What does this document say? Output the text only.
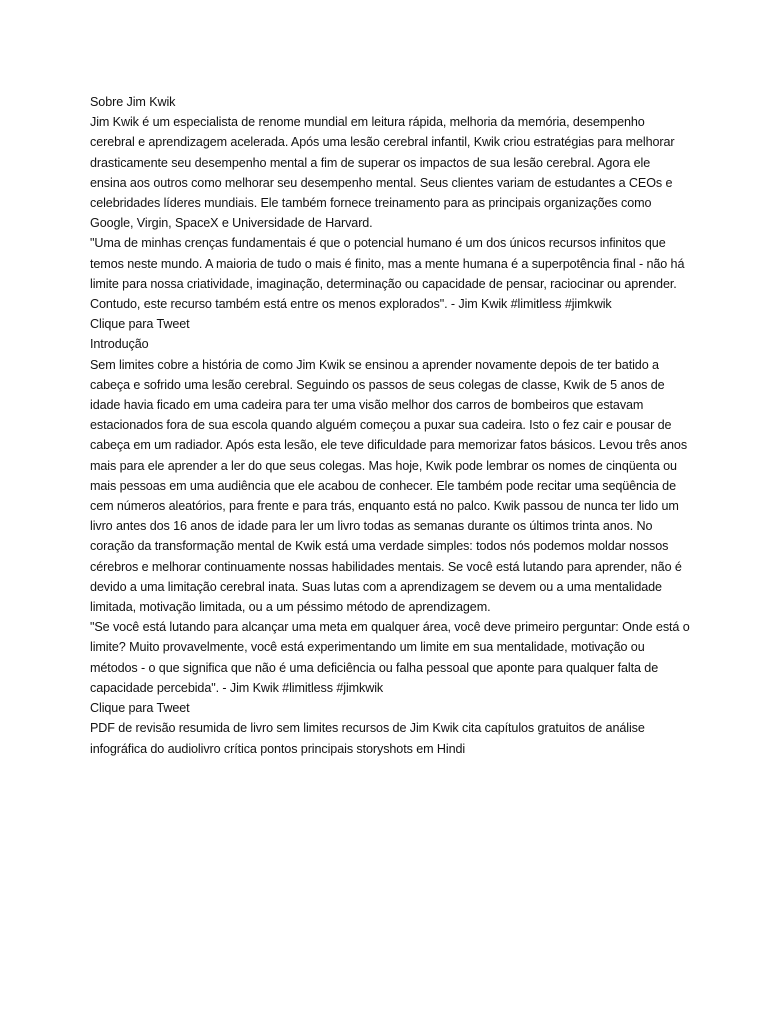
Sobre Jim Kwik

Jim Kwik é um especialista de renome mundial em leitura rápida, melhoria da memória, desempenho cerebral e aprendizagem acelerada. Após uma lesão cerebral infantil, Kwik criou estratégias para melhorar drasticamente seu desempenho mental a fim de superar os impactos de sua lesão cerebral. Agora ele ensina aos outros como melhorar seu desempenho mental. Seus clientes variam de estudantes a CEOs e celebridades líderes mundiais. Ele também fornece treinamento para as principais organizações como Google, Virgin, SpaceX e Universidade de Harvard.

"Uma de minhas crenças fundamentais é que o potencial humano é um dos únicos recursos infinitos que temos neste mundo. A maioria de tudo o mais é finito, mas a mente humana é a superpotência final - não há limite para nossa criatividade, imaginação, determinação ou capacidade de pensar, raciocinar ou aprender. Contudo, este recurso também está entre os menos explorados". - Jim Kwik #limitless #jimkwik

Clique para Tweet

Introdução

Sem limites cobre a história de como Jim Kwik se ensinou a aprender novamente depois de ter batido a cabeça e sofrido uma lesão cerebral. Seguindo os passos de seus colegas de classe, Kwik de 5 anos de idade havia ficado em uma cadeira para ter uma visão melhor dos carros de bombeiros que estavam estacionados fora de sua escola quando alguém começou a puxar sua cadeira. Isto o fez cair e pousar de cabeça em um radiador. Após esta lesão, ele teve dificuldade para memorizar fatos básicos. Levou três anos mais para ele aprender a ler do que seus colegas. Mas hoje, Kwik pode lembrar os nomes de cinqüenta ou mais pessoas em uma audiência que ele acabou de conhecer. Ele também pode recitar uma seqüência de cem números aleatórios, para frente e para trás, enquanto está no palco. Kwik passou de nunca ter lido um livro antes dos 16 anos de idade para ler um livro todas as semanas durante os últimos trinta anos. No coração da transformação mental de Kwik está uma verdade simples: todos nós podemos moldar nossos cérebros e melhorar continuamente nossas habilidades mentais. Se você está lutando para aprender, não é devido a uma limitação cerebral inata. Suas lutas com a aprendizagem se devem ou a uma mentalidade limitada, motivação limitada, ou a um péssimo método de aprendizagem.

"Se você está lutando para alcançar uma meta em qualquer área, você deve primeiro perguntar: Onde está o limite? Muito provavelmente, você está experimentando um limite em sua mentalidade, motivação ou métodos - o que significa que não é uma deficiência ou falha pessoal que aponte para qualquer falta de capacidade percebida". - Jim Kwik #limitless #jimkwik

Clique para Tweet

PDF de revisão resumida de livro sem limites recursos de Jim Kwik cita capítulos gratuitos de análise infográfica do audiolivro crítica pontos principais storyshots em Hindi
